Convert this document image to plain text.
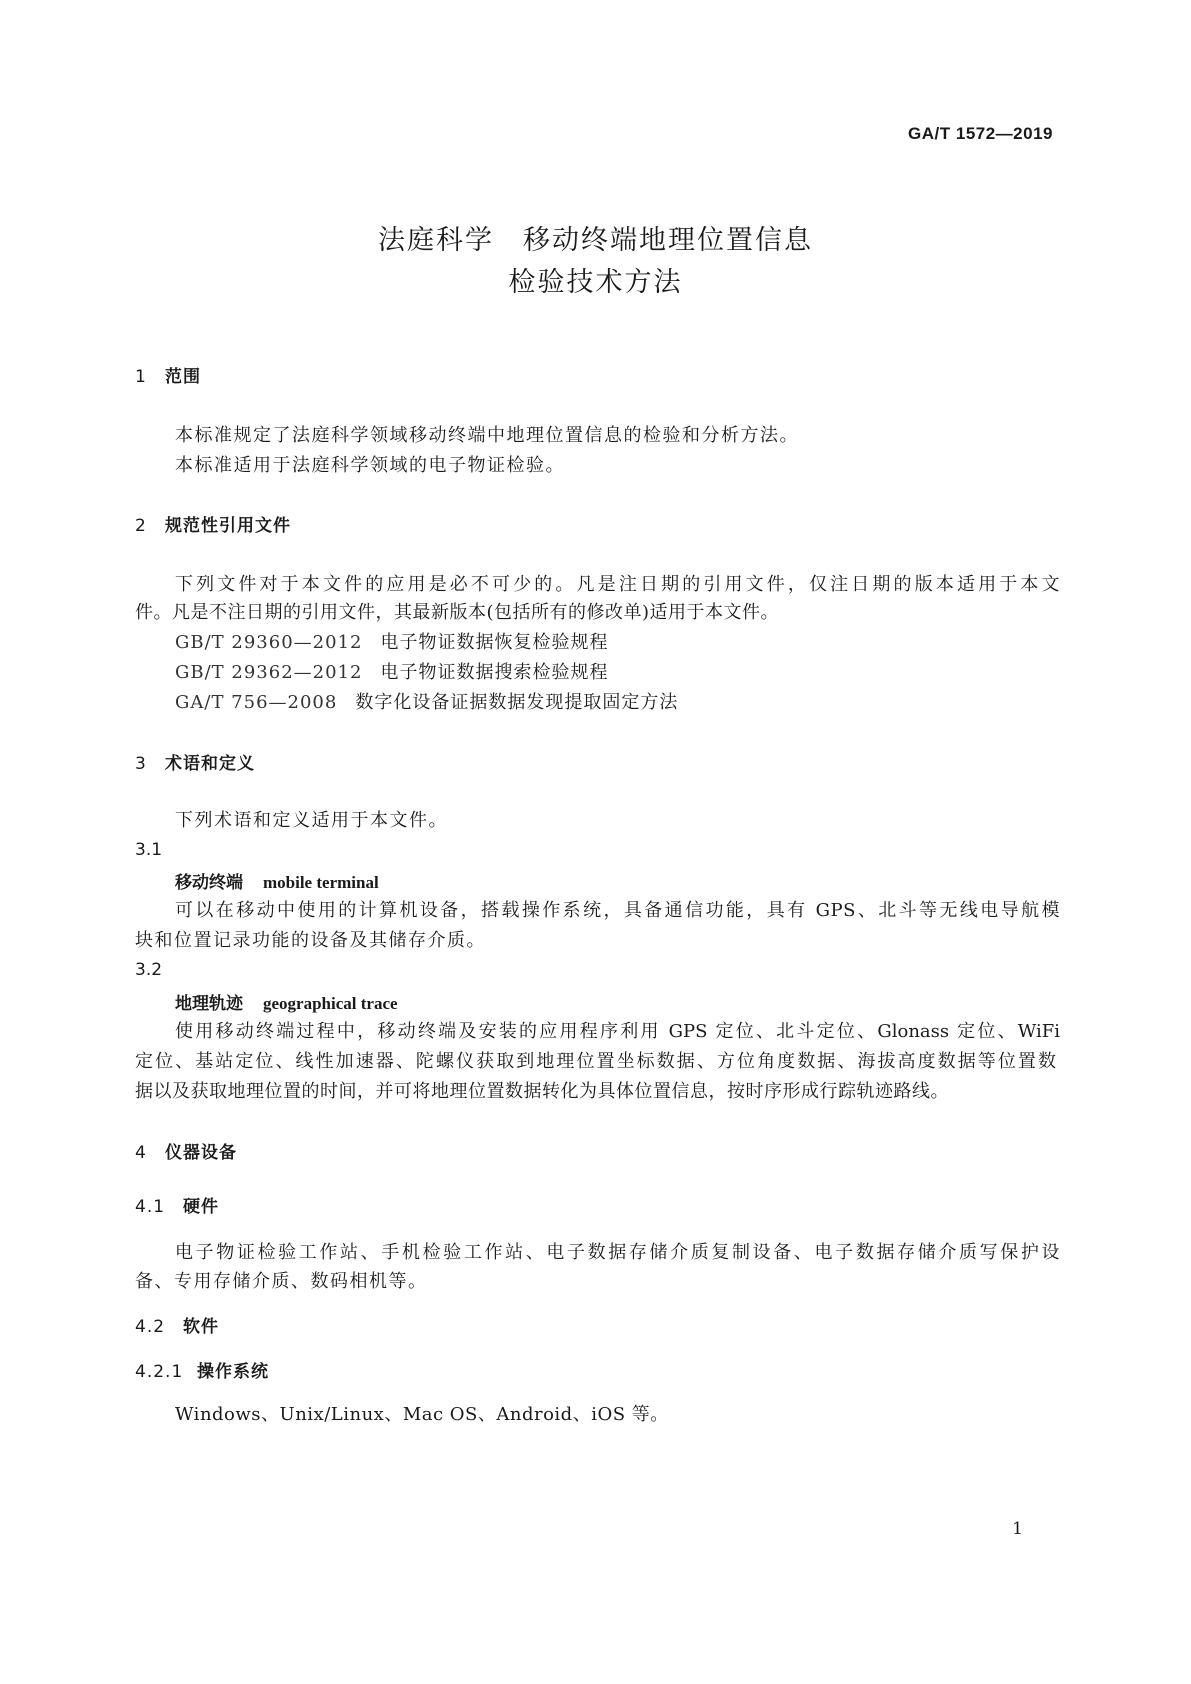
GA/T 1572—2019
法庭科学　移动终端地理位置信息
检验技术方法
1 范围
本标准规定了法庭科学领域移动终端中地理位置信息的检验和分析方法。
本标准适用于法庭科学领域的电子物证检验。
2 规范性引用文件
下列文件对于本文件的应用是必不可少的。凡是注日期的引用文件，仅注日期的版本适用于本文
件。凡是不注日期的引用文件，其最新版本(包括所有的修改单)适用于本文件。
GB/T 29360—2012 电子物证数据恢复检验规程
GB/T 29362—2012 电子物证数据搜索检验规程
GA/T 756—2008 数字化设备证据数据发现提取固定方法
3 术语和定义
下列术语和定义适用于本文件。
3.1
移动终端 mobile terminal
可以在移动中使用的计算机设备，搭载操作系统，具备通信功能，具有 GPS、北斗等无线电导航模
块和位置记录功能的设备及其储存介质。
3.2
地理轨迹 geographical trace
使用移动终端过程中，移动终端及安装的应用程序利用 GPS 定位、北斗定位、Glonass 定位、WiFi
定位、基站定位、线性加速器、陀螺仪获取到地理位置坐标数据、方位角度数据、海拔高度数据等位置数
据以及获取地理位置的时间，并可将地理位置数据转化为具体位置信息，按时序形成行踪轨迹路线。
4 仪器设备
4.1 硬件
电子物证检验工作站、手机检验工作站、电子数据存储介质复制设备、电子数据存储介质写保护设
备、专用存储介质、数码相机等。
4.2 软件
4.2.1 操作系统
Windows、Unix/Linux、Mac OS、Android、iOS 等。
1
